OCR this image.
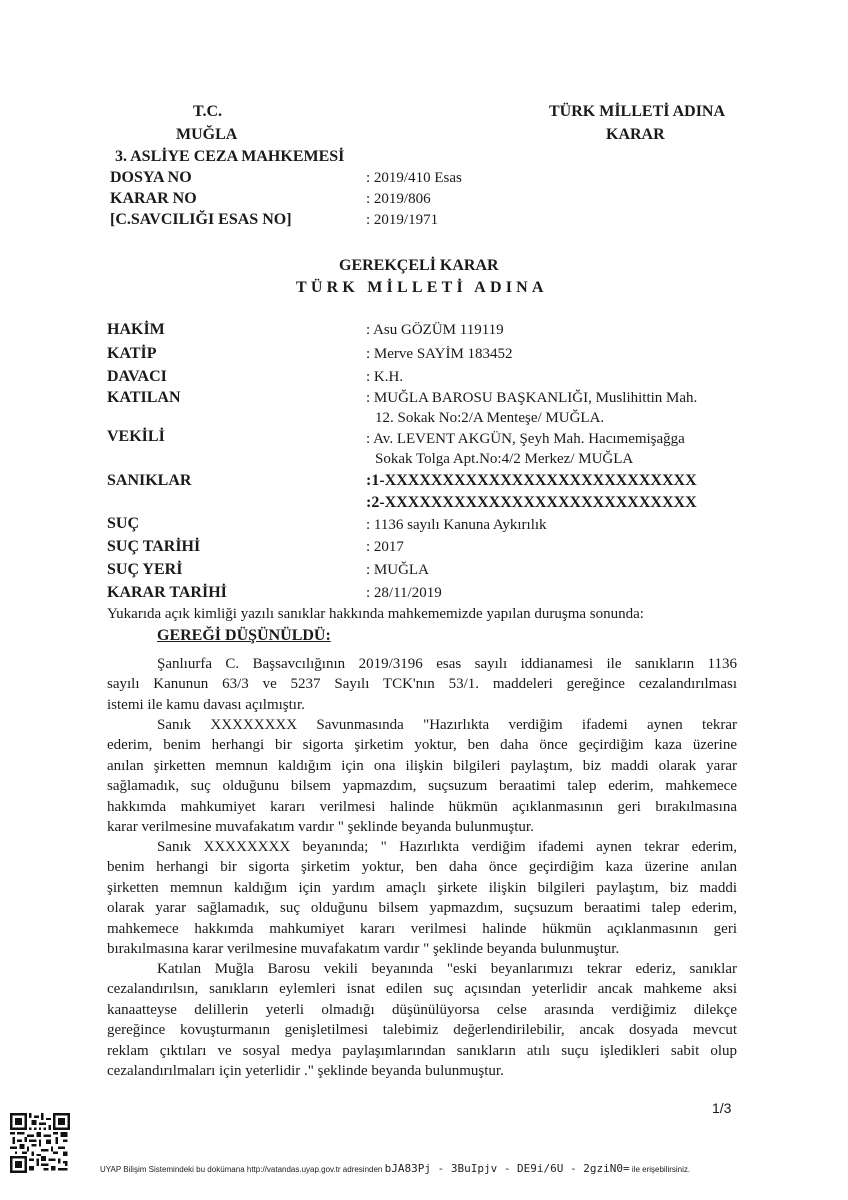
T.C.
MUĞLA
3. ASLİYE CEZA MAHKEMESİ
TÜRK MİLLETİ ADINA
KARAR
DOSYA NO	: 2019/410 Esas
KARAR NO	: 2019/806
[C.SAVCILIĞI ESAS NO]	: 2019/1971
GEREKÇELİ KARAR
TÜRK MİLLETİ ADINA
HAKİM	: Asu GÖZÜM 119119
KATİP	: Merve SAYİM 183452
DAVACI	: K.H.
KATILAN	: MUĞLA BAROSU BAŞKANLIĞI, Muslihittin Mah.
12. Sokak No:2/A Menteşe/ MUĞLA.
VEKİLİ	: Av. LEVENT AKGÜN, Şeyh Mah. Hacımemişağga
Sokak Tolga Apt.No:4/2 Merkez/ MUĞLA
SANIKLAR	:1-XXXXXXXXXXXXXXXXXXXXXXXXXXX
:2-XXXXXXXXXXXXXXXXXXXXXXXXXXX
SUÇ	: 1136 sayılı Kanuna Aykırılık
SUÇ TARİHİ	: 2017
SUÇ YERİ	: MUĞLA
KARAR TARİHİ	: 28/11/2019
Yukarıda açık kimliği yazılı sanıklar hakkında mahkememizde yapılan duruşma sonunda:
GEREĞİ DÜŞÜNÜLDÜ:
Şanlıurfa C. Başsavcılığının 2019/3196 esas sayılı iddianamesi ile sanıkların 1136
sayılı Kanunun 63/3 ve 5237 Sayılı TCK'nın 53/1. maddeleri gereğince cezalandırılması
istemi ile kamu davası açılmıştır.
Sanık XXXXXXXX Savunmasında "Hazırlıkta verdiğim ifademi aynen tekrar
ederim, benim herhangi bir sigorta şirketim yoktur, ben daha önce geçirdiğim kaza üzerine
anılan şirketten memnun kaldığım için ona ilişkin bilgileri paylaştım, biz maddi olarak yarar
sağlamadık, suç olduğunu bilsem yapmazdım, suçsuzum beraatimi talep ederim, mahkemece
hakkımda mahkumiyet kararı verilmesi halinde hükmün açıklanmasının geri bırakılmasına
karar verilmesine muvafakatım vardır " şeklinde beyanda bulunmuştur.
Sanık XXXXXXXX beyanında; " Hazırlıkta verdiğim ifademi aynen tekrar ederim,
benim herhangi bir sigorta şirketim yoktur, ben daha önce geçirdiğim kaza üzerine anılan
şirketten memnun kaldığım için yardım amaçlı şirkete ilişkin bilgileri paylaştım, biz maddi
olarak yarar sağlamadık, suç olduğunu bilsem yapmazdım, suçsuzum beraatimi talep ederim,
mahkemece hakkımda mahkumiyet kararı verilmesi halinde hükmün açıklanmasının geri
bırakılmasına karar verilmesine muvafakatım vardır " şeklinde beyanda bulunmuştur.
Katılan Muğla Barosu vekili beyanında "eski beyanlarımızı tekrar ederiz, sanıklar
cezalandırılsın, sanıkların eylemleri isnat edilen suç açısından yeterlidir ancak mahkeme aksi
kanaatteyse delillerin yeterli olmadığı düşünülüyorsa celse arasında verdiğimiz dilekçe
gereğince kovuşturmanın genişletilmesi talebimiz değerlendirilebilir, ancak dosyada mevcut
reklam çıktıları ve sosyal medya paylaşımlarından sanıkların atılı suçu işledikleri sabit olup
cezalandırılmaları için yeterlidir ." şeklinde beyanda bulunmuştur.
1/3
UYAP Bilişim Sistemindeki bu dokümana http://vatandas.uyap.gov.tr adresinden bJA83Pj - 3BuIpjv - DE9i/6U - 2gziN0= ile erişebilirsiniz.
